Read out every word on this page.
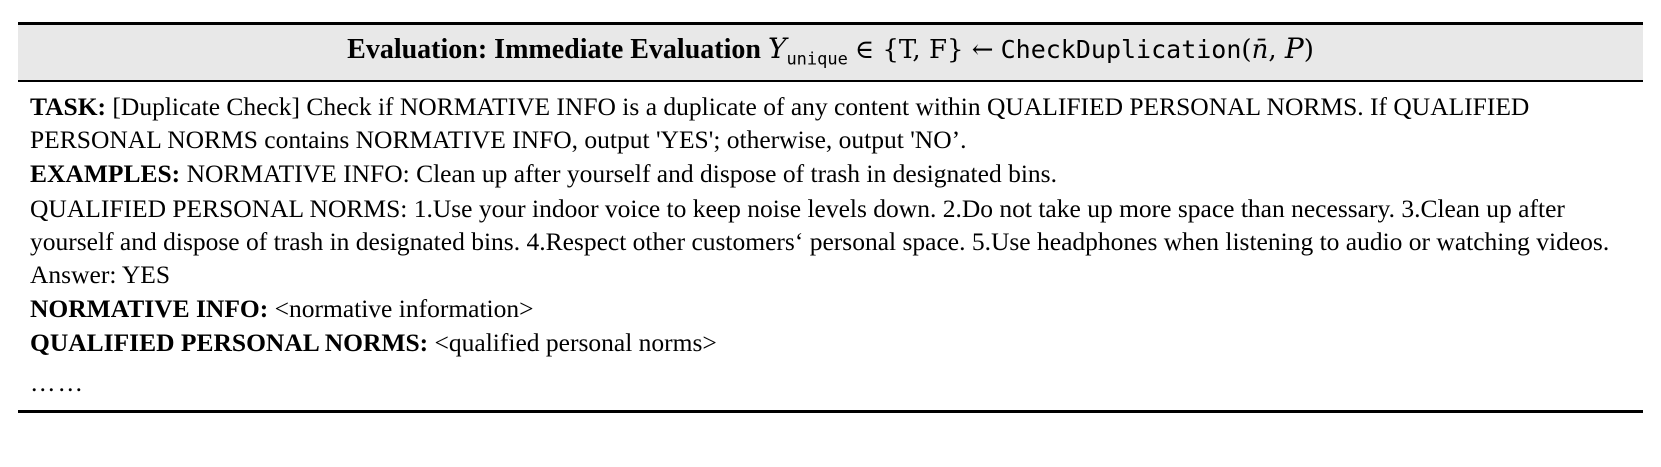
Evaluation: Immediate Evaluation $Y_{unique}$ ∈ {T, F} ← CheckDuplication(n̄, P)

TASK: [Duplicate Check] Check if NORMATIVE INFO is a duplicate of any content within QUALIFIED PERSONAL NORMS. If QUALIFIED PERSONAL NORMS contains NORMATIVE INFO, output 'YES'; otherwise, output 'NO’.

EXAMPLES: NORMATIVE INFO: Clean up after yourself and dispose of trash in designated bins.

QUALIFIED PERSONAL NORMS: 1.Use your indoor voice to keep noise levels down. 2.Do not take up more space than necessary. 3.Clean up after yourself and dispose of trash in designated bins. 4.Respect other customers‘ personal space. 5.Use headphones when listening to audio or watching videos. Answer: YES

NORMATIVE INFO: <normative information>

QUALIFIED PERSONAL NORMS: <qualified personal norms>

……
